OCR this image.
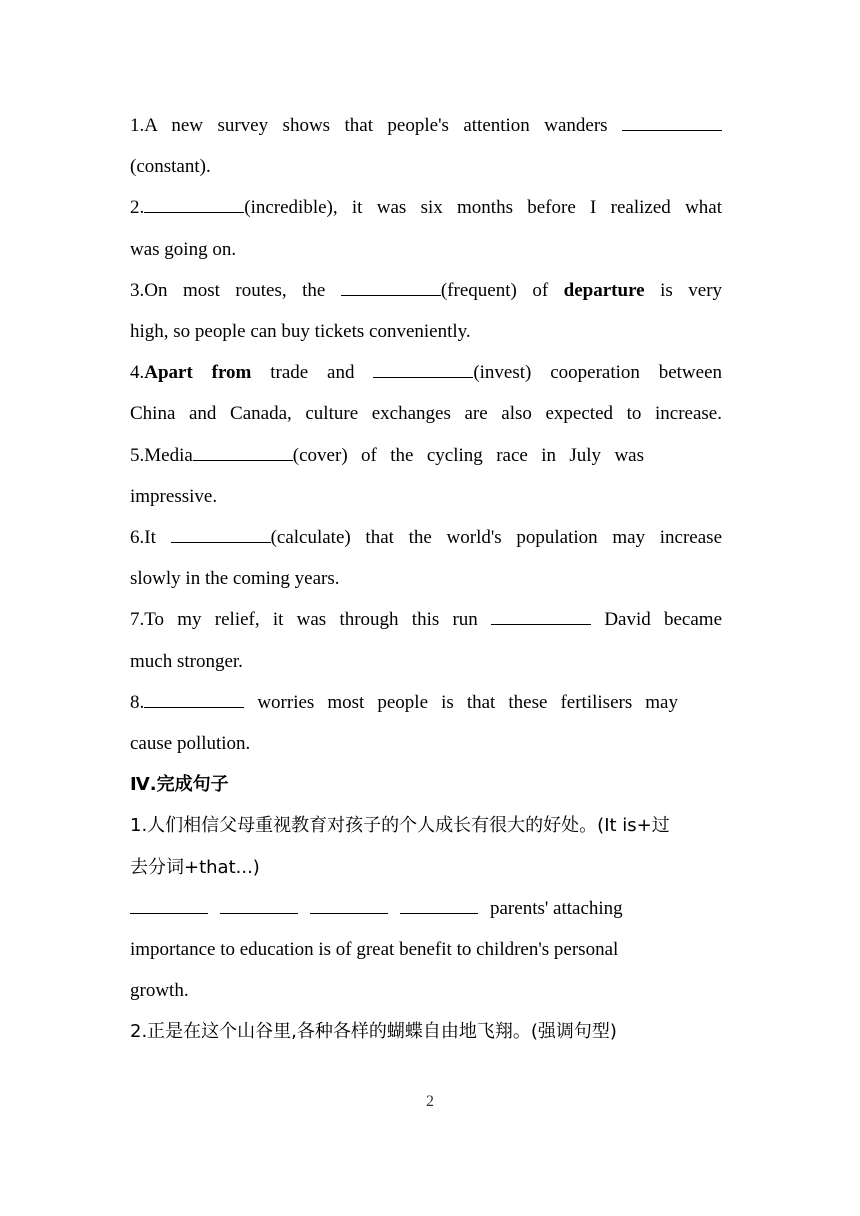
1.A new survey shows that people's attention wanders
(constant).
2.	(incredible), it was six months before I realized what
was going on.
3.On most routes, the	(frequent) of departure is very
high, so people can buy tickets conveniently.
4.Apart from trade and	(invest) cooperation between
China and Canada, culture exchanges are also expected to increase.
5.Media	(cover) of the cycling race in July was
impressive.
6.It	(calculate) that the world's population may increase
slowly in the coming years.
7.To my relief, it was through this run	David became
much stronger.
8.	worries most people is that these fertilisers may
cause pollution.
Ⅳ.完成句子
1.人们相信父母重视教育对孩子的个人成长有很大的好处。(It is+过
去分词+that...)
parents' attaching
importance to education is of great benefit to children's personal
growth.
2.正是在这个山谷里,各种各样的蝴蝶自由地飞翔。(强调句型)
2
